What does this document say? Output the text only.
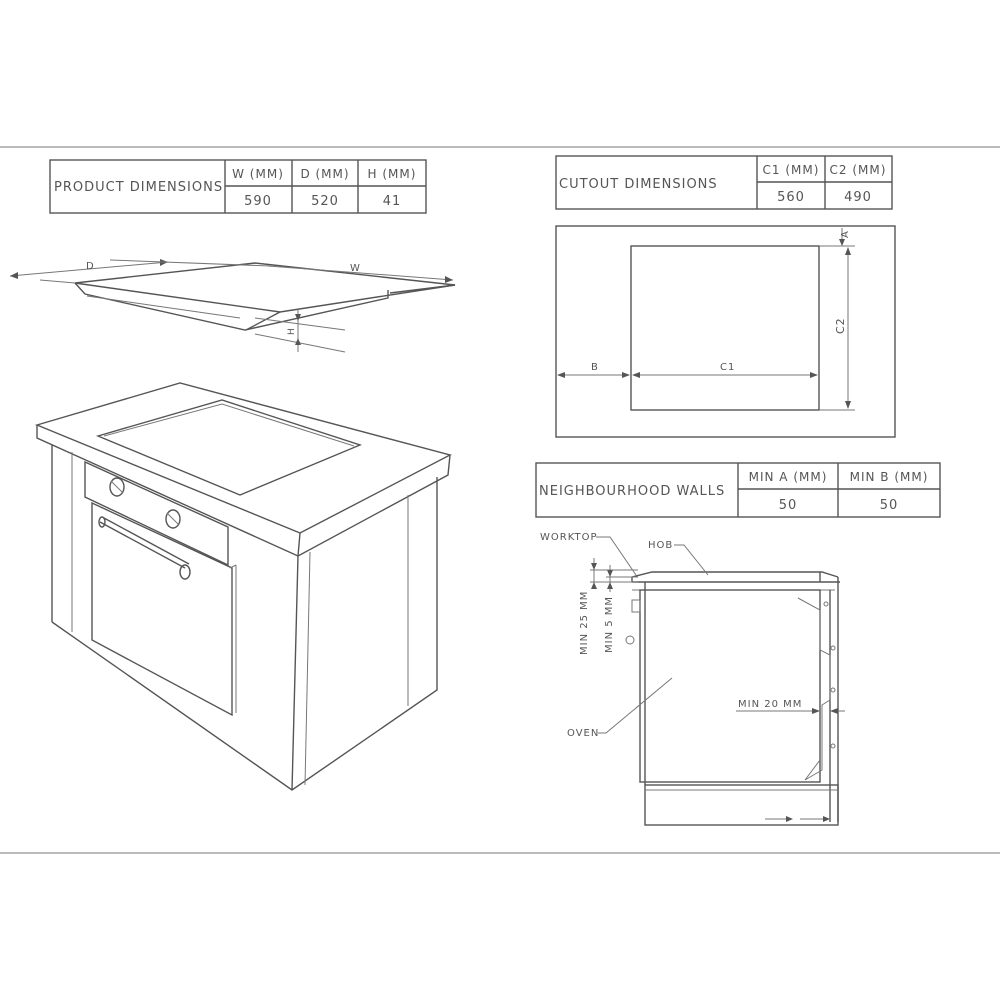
PRODUCT DIMENSIONS
W (MM) D (MM) H (MM)
590	520	41
CUTOUT DIMENSIONS
C1 (MM) C2 (MM)
560	490
A
C2
B	C1
NEIGHBOURHOOD WALLS
MIN A (MM) MIN B (MM)
50	50
D	W
H
WORKTOP
HOB
OVEN
MIN 25 MM MIN 5 MM
MIN 20 MM
